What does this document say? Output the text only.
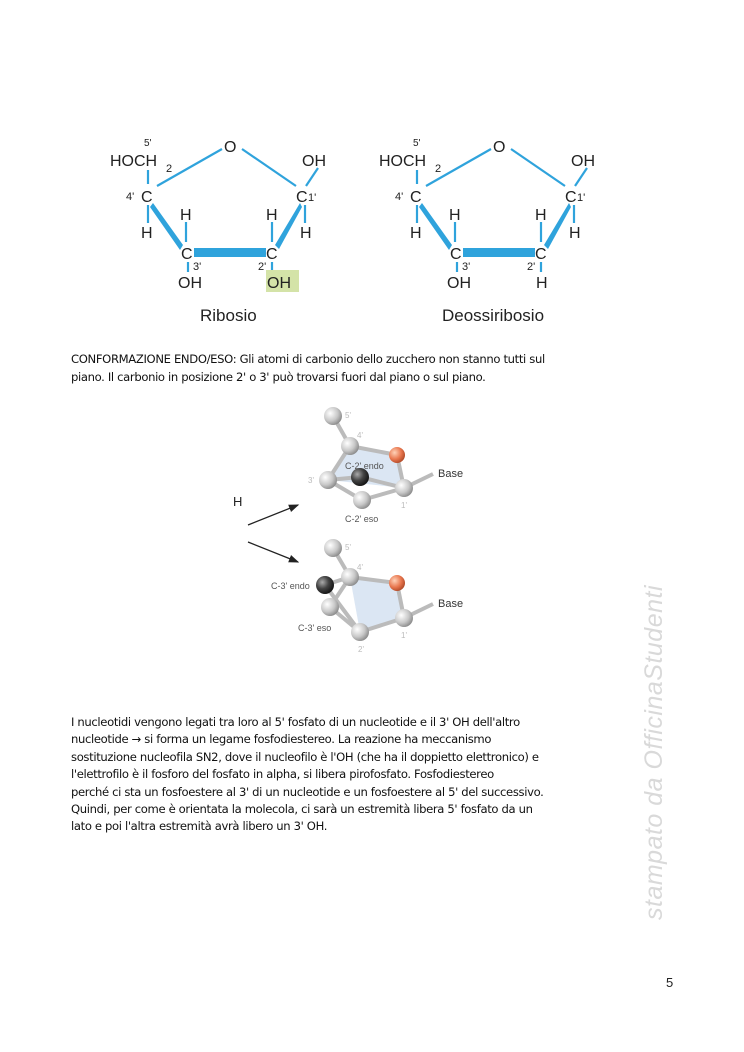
O
5'
HOCH 2
4' C
OH
C 1'
H
H	H
H
C
3'
C
2'
OH	OH
Ribosio
O
5'
HOCH 2
4' C
OH
C 1'
H
H	H
H
C
3'
C
2'
OH	H
Deossiribosio
H
5'
4'
3'
1'
C-2' endo
C-2' eso
Base
5'
4'
2'
1'
C-3' endo
C-3' eso
Base
CONFORMAZIONE ENDO/ESO: Gli atomi di carbonio dello zucchero non stanno tutti sul
piano. Il carbonio in posizione 2' o 3' può trovarsi fuori dal piano o sul piano.
I nucleotidi vengono legati tra loro al 5' fosfato di un nucleotide e il 3' OH dell'altro
nucleotide → si forma un legame fosfodiestereo. La reazione ha meccanismo
sostituzione nucleofila SN2, dove il nucleofilo è l'OH (che ha il doppietto elettronico) e
l'elettrofilo è il fosforo del fosfato in alpha, si libera pirofosfato. Fosfodiestereo
perché ci sta un fosfoestere al 3' di un nucleotide e un fosfoestere al 5' del successivo.
Quindi, per come è orientata la molecola, ci sarà un estremità libera 5' fosfato da un
lato e poi l'altra estremità avrà libero un 3' OH.	stampato da OfficinaStudenti
5
